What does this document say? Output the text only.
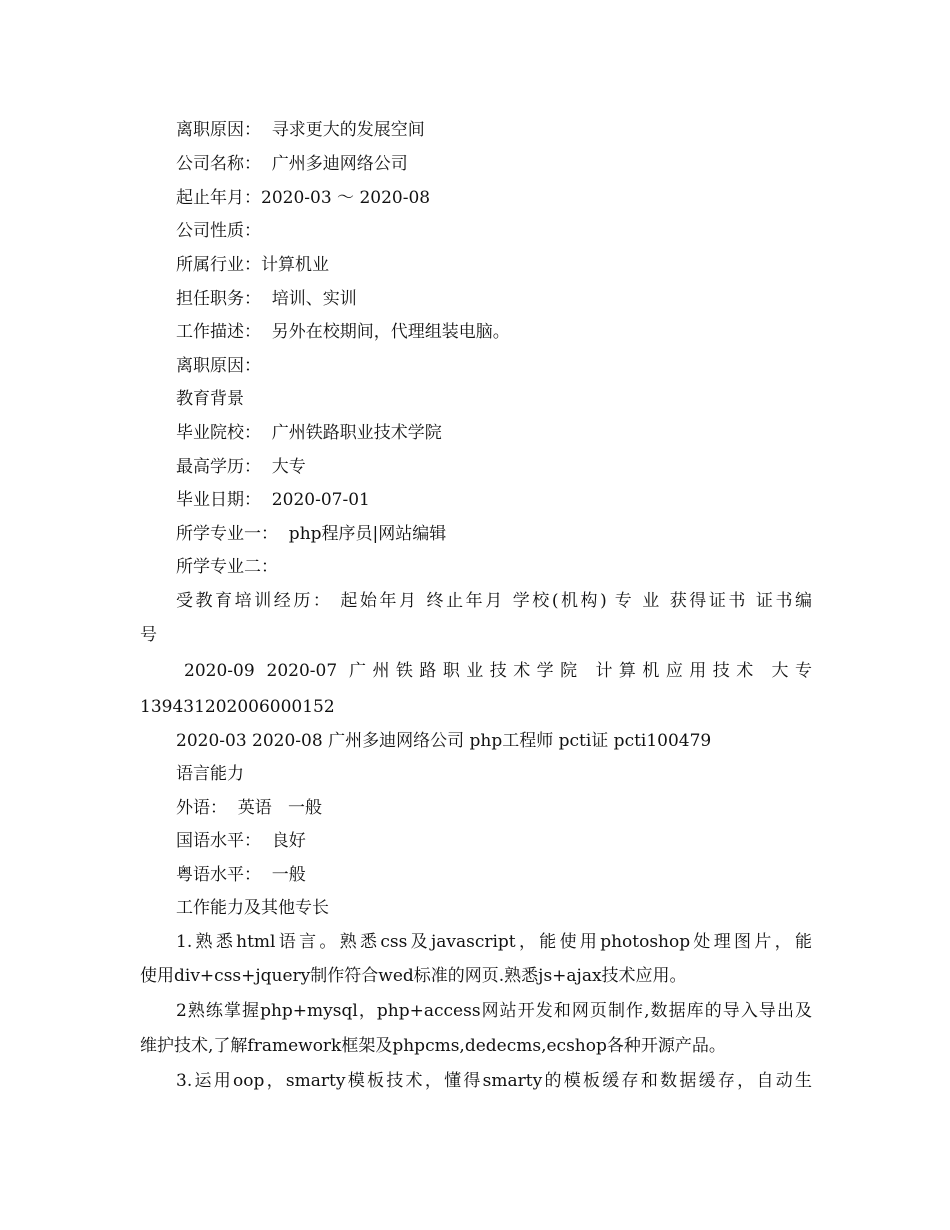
离职原因：  寻求更大的发展空间
公司名称：  广州多迪网络公司
起止年月：2020-03 ～ 2020-08
公司性质：
所属行业：计算机业
担任职务：  培训、实训
工作描述：  另外在校期间，代理组装电脑。
离职原因：
教育背景
毕业院校：  广州铁路职业技术学院
最高学历：  大专
毕业日期：  2020-07-01
所学专业一：  php程序员|网站编辑
所学专业二：
受教育培训经历： 起始年月 终止年月 学校(机构) 专 业 获得证书 证书编
号
2020-09 2020-07 广州铁路职业技术学院 计算机应用技术 大专
139431202006000152
2020-03 2020-08 广州多迪网络公司 php工程师 pcti证 pcti100479
语言能力
外语：  英语   一般
国语水平：  良好
粤语水平：  一般
工作能力及其他专长
1.熟悉html语言。熟悉css及javascript，能使用photoshop处理图片，能
使用div+css+jquery制作符合wed标准的网页.熟悉js+ajax技术应用。
2熟练掌握php+mysql，php+access网站开发和网页制作,数据库的导入导出及
维护技术,了解framework框架及phpcms,dedecms,ecshop各种开源产品。
3.运用oop，smarty模板技术，懂得smarty的模板缓存和数据缓存，自动生
